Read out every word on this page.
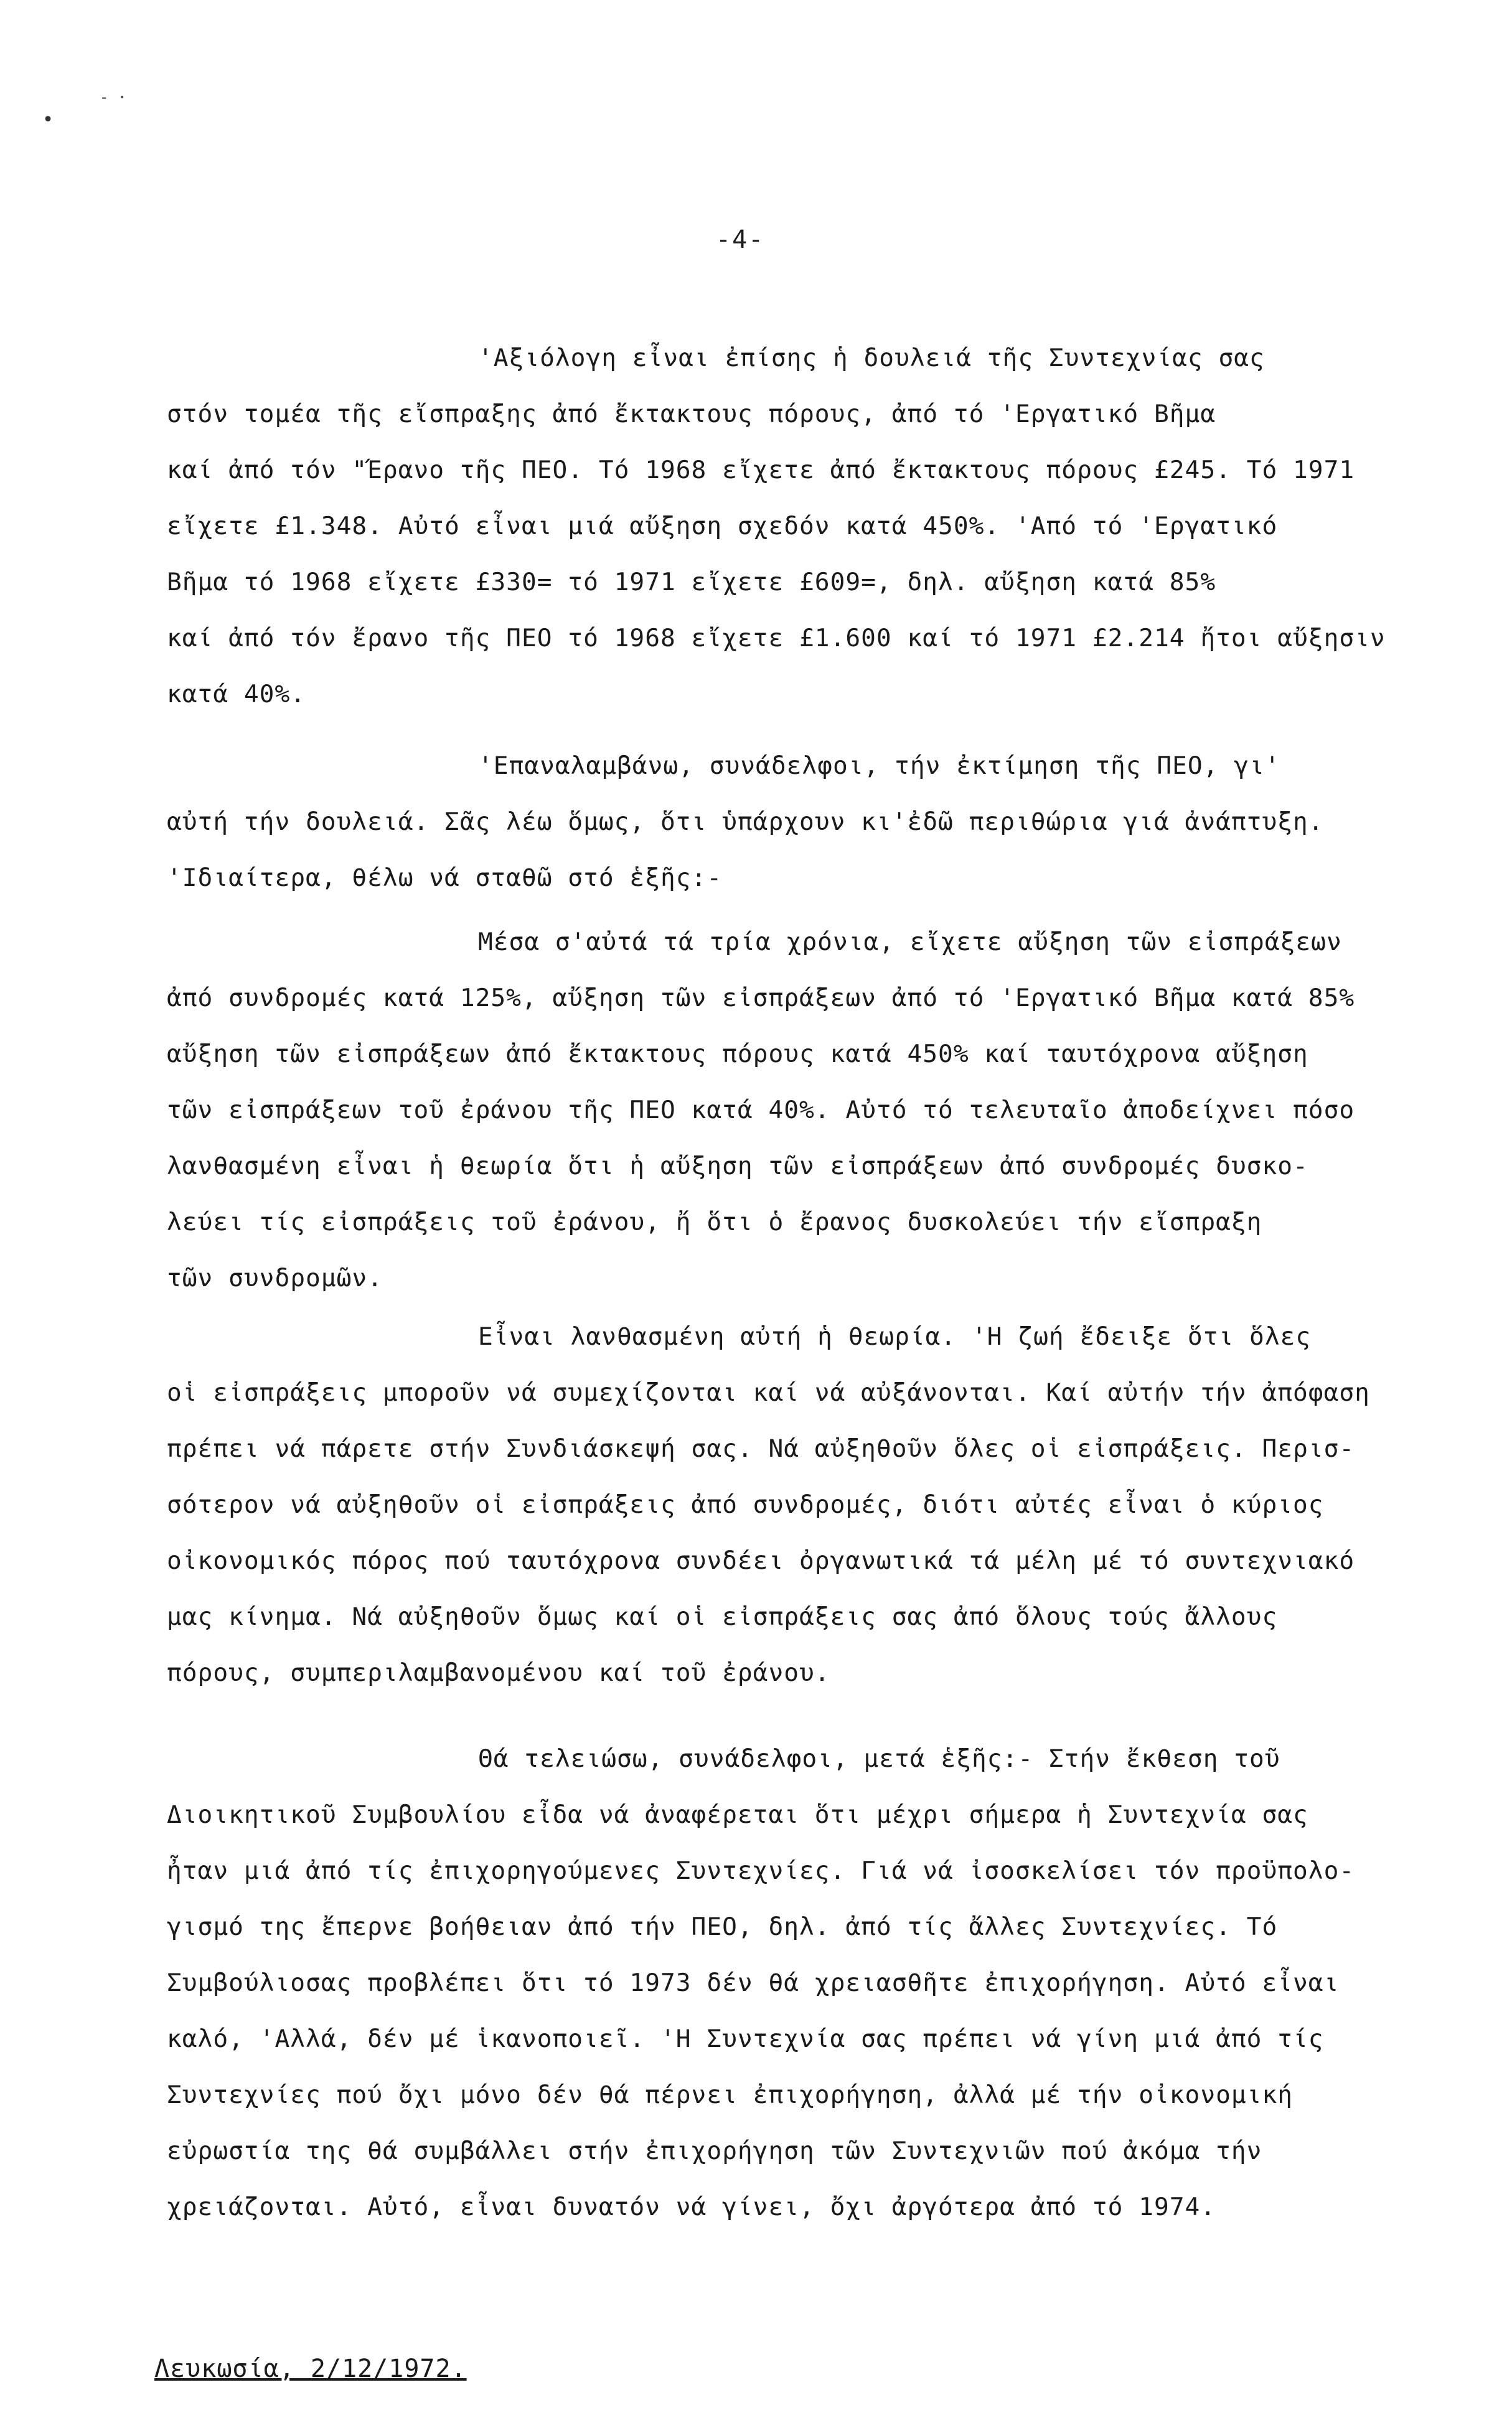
•
- ·
-4-
'Αξιόλογη εἶναι ἐπίσης ἡ δουλειά τῆς Συντεχνίας σας
στόν τομέα τῆς εἴσπραξης ἀπό ἔκτακτους πόρους, ἀπό τό 'Εργατικό Βῆμα
καί ἀπό τόν "Έρανο τῆς ΠΕΟ. Τό 1968 εἴχετε ἀπό ἔκτακτους πόρους £245. Τό 1971
εἴχετε £1.348. Αὐτό εἶναι μιά αὔξηση σχεδόν κατά 450%. 'Από τό 'Εργατικό
Βῆμα τό 1968 εἴχετε £330= τό 1971 εἴχετε £609=, δηλ. αὔξηση κατά 85%
καί ἀπό τόν ἔρανο τῆς ΠΕΟ τό 1968 εἴχετε £1.600 καί τό 1971 £2.214 ἤτοι αὔξησιν
κατά 40%.
'Επαναλαμβάνω, συνάδελφοι, τήν ἐκτίμηση τῆς ΠΕΟ, γι'
αὐτή τήν δουλειά. Σᾶς λέω ὅμως, ὅτι ὑπάρχουν κι'ἐδῶ περιθώρια γιά ἀνάπτυξη.
'Ιδιαίτερα, θέλω νά σταθῶ στό ἑξῆς:-
Μέσα σ'αὐτά τά τρία χρόνια, εἴχετε αὔξηση τῶν εἰσπράξεων
ἀπό συνδρομές κατά 125%, αὔξηση τῶν εἰσπράξεων ἀπό τό 'Εργατικό Βῆμα κατά 85%
αὔξηση τῶν εἰσπράξεων ἀπό ἔκτακτους πόρους κατά 450% καί ταυτόχρονα αὔξηση
τῶν εἰσπράξεων τοῦ ἐράνου τῆς ΠΕΟ κατά 40%. Αὐτό τό τελευταῖο ἀποδείχνει πόσο
λανθασμένη εἶναι ἡ θεωρία ὅτι ἡ αὔξηση τῶν εἰσπράξεων ἀπό συνδρομές δυσκο-
λεύει τίς εἰσπράξεις τοῦ ἐράνου, ἤ ὅτι ὁ ἔρανος δυσκολεύει τήν εἴσπραξη
τῶν συνδρομῶν.
Εἶναι λανθασμένη αὐτή ἡ θεωρία. 'Η ζωή ἔδειξε ὅτι ὅλες
οἱ εἰσπράξεις μποροῦν νά συμεχίζονται καί νά αὐξάνονται. Καί αὐτήν τήν ἀπόφαση
πρέπει νά πάρετε στήν Συνδιάσκεψή σας. Νά αὐξηθοῦν ὅλες οἱ εἰσπράξεις. Περισ-
σότερον νά αὐξηθοῦν οἱ εἰσπράξεις ἀπό συνδρομές, διότι αὐτές εἶναι ὁ κύριος
οἰκονομικός πόρος πού ταυτόχρονα συνδέει ὀργανωτικά τά μέλη μέ τό συντεχνιακό
μας κίνημα. Νά αὐξηθοῦν ὅμως καί οἱ εἰσπράξεις σας ἀπό ὅλους τούς ἄλλους
πόρους, συμπεριλαμβανομένου καί τοῦ ἐράνου.
Θά τελειώσω, συνάδελφοι, μετά ἑξῆς:- Στήν ἔκθεση τοῦ
Διοικητικοῦ Συμβουλίου εἶδα νά ἀναφέρεται ὅτι μέχρι σήμερα ἡ Συντεχνία σας
ἦταν μιά ἀπό τίς ἐπιχορηγούμενες Συντεχνίες. Γιά νά ἰσοσκελίσει τόν προϋπολο-
γισμό της ἔπερνε βοήθειαν ἀπό τήν ΠΕΟ, δηλ. ἀπό τίς ἄλλες Συντεχνίες. Τό
Συμβούλιοσας προβλέπει ὅτι τό 1973 δέν θά χρειασθῆτε ἐπιχορήγηση. Αὐτό εἶναι
καλό, 'Αλλά, δέν μέ ἱκανοποιεῖ. 'Η Συντεχνία σας πρέπει νά γίνη μιά ἀπό τίς
Συντεχνίες πού ὄχι μόνο δέν θά πέρνει ἐπιχορήγηση, ἀλλά μέ τήν οἰκονομική
εὐρωστία της θά συμβάλλει στήν ἐπιχορήγηση τῶν Συντεχνιῶν πού ἀκόμα τήν
χρειάζονται. Αὐτό, εἶναι δυνατόν νά γίνει, ὄχι ἀργότερα ἀπό τό 1974.
Λευκωσία, 2/12/1972.
